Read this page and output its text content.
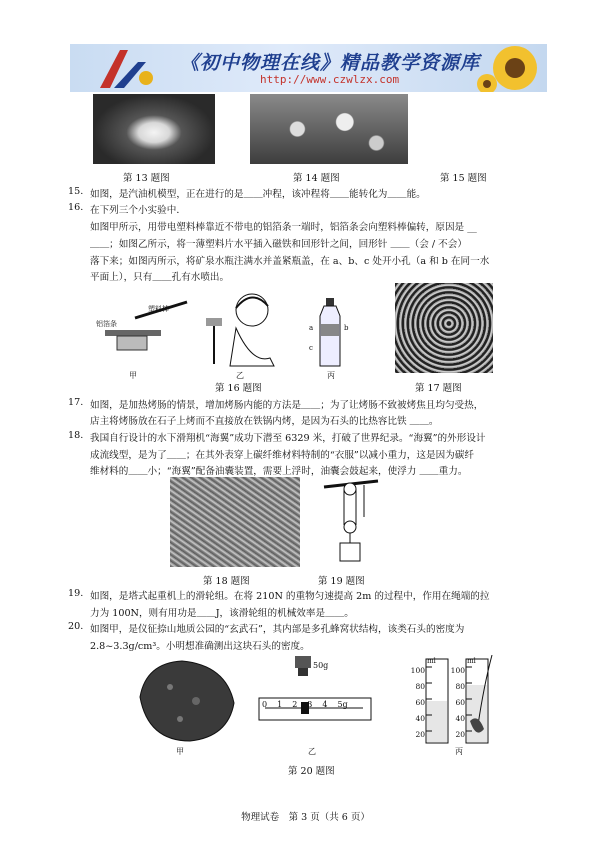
《初中物理在线》精品教学资源库
http://www.czwlzx.com
第 13 题图	第 14 题图	第 15 题图
15. 如图，是汽油机模型，正在进行的是＿＿冲程，该冲程将＿＿能转化为＿＿能。
16. 在下列三个小实验中．
如图甲所示，用带电塑料棒靠近不带电的铝箔条一端时，铝箔条会向塑料棒偏转，原因是 __
＿＿；如图乙所示，将一薄塑料片水平插入磁铁和回形针之间，回形针 ＿＿（会 / 不会）
落下来；如图丙所示，将矿泉水瓶注满水并盖紧瓶盖，在 a、b、c 处开小孔（a 和 b 在同一水
平面上），只有＿＿孔有水喷出。
塑料棒
铝箔条
甲	乙
a	b
c
丙
第 16 题图	第 17 题图
17. 如图，是加热烤肠的情景，增加烤肠内能的方法是＿＿；为了让烤肠不致被烤焦且均匀受热，
店主将烤肠放在石子上烤而不直接放在铁锅内烤，是因为石头的比热容比铁 ＿＿。
18. 我国自行设计的水下滑翔机“海翼”成功下潜至 6329 米，打破了世界纪录。“海翼”的外形设计
成流线型，是为了＿＿；在其外表穿上碳纤维材料特制的“衣服”以减小重力，这是因为碳纤
维材料的＿＿小；“海翼”配备油囊装置，需要上浮时，油囊会鼓起来，使浮力 ＿＿重力。
第 18 题图	第 19 题图
19. 如图，是塔式起重机上的滑轮组。在将 210N 的重物匀速提高 2m 的过程中，作用在绳端的拉
力为 100N，则有用功是＿＿J，该滑轮组的机械效率是＿＿。
20. 如图甲，是仪征捺山地质公园的“玄武石”，其内部是多孔蜂窝状结构，该类石头的密度为
2.8~3.3g/cm³。小明想准确测出这块石头的密度。
甲
50g
0 1 2 3 4 5g
乙
ml	ml
100
80
60
40
20
100
80
60
40
20
丙
第 20 题图
物理试卷　第 3 页（共 6 页）
